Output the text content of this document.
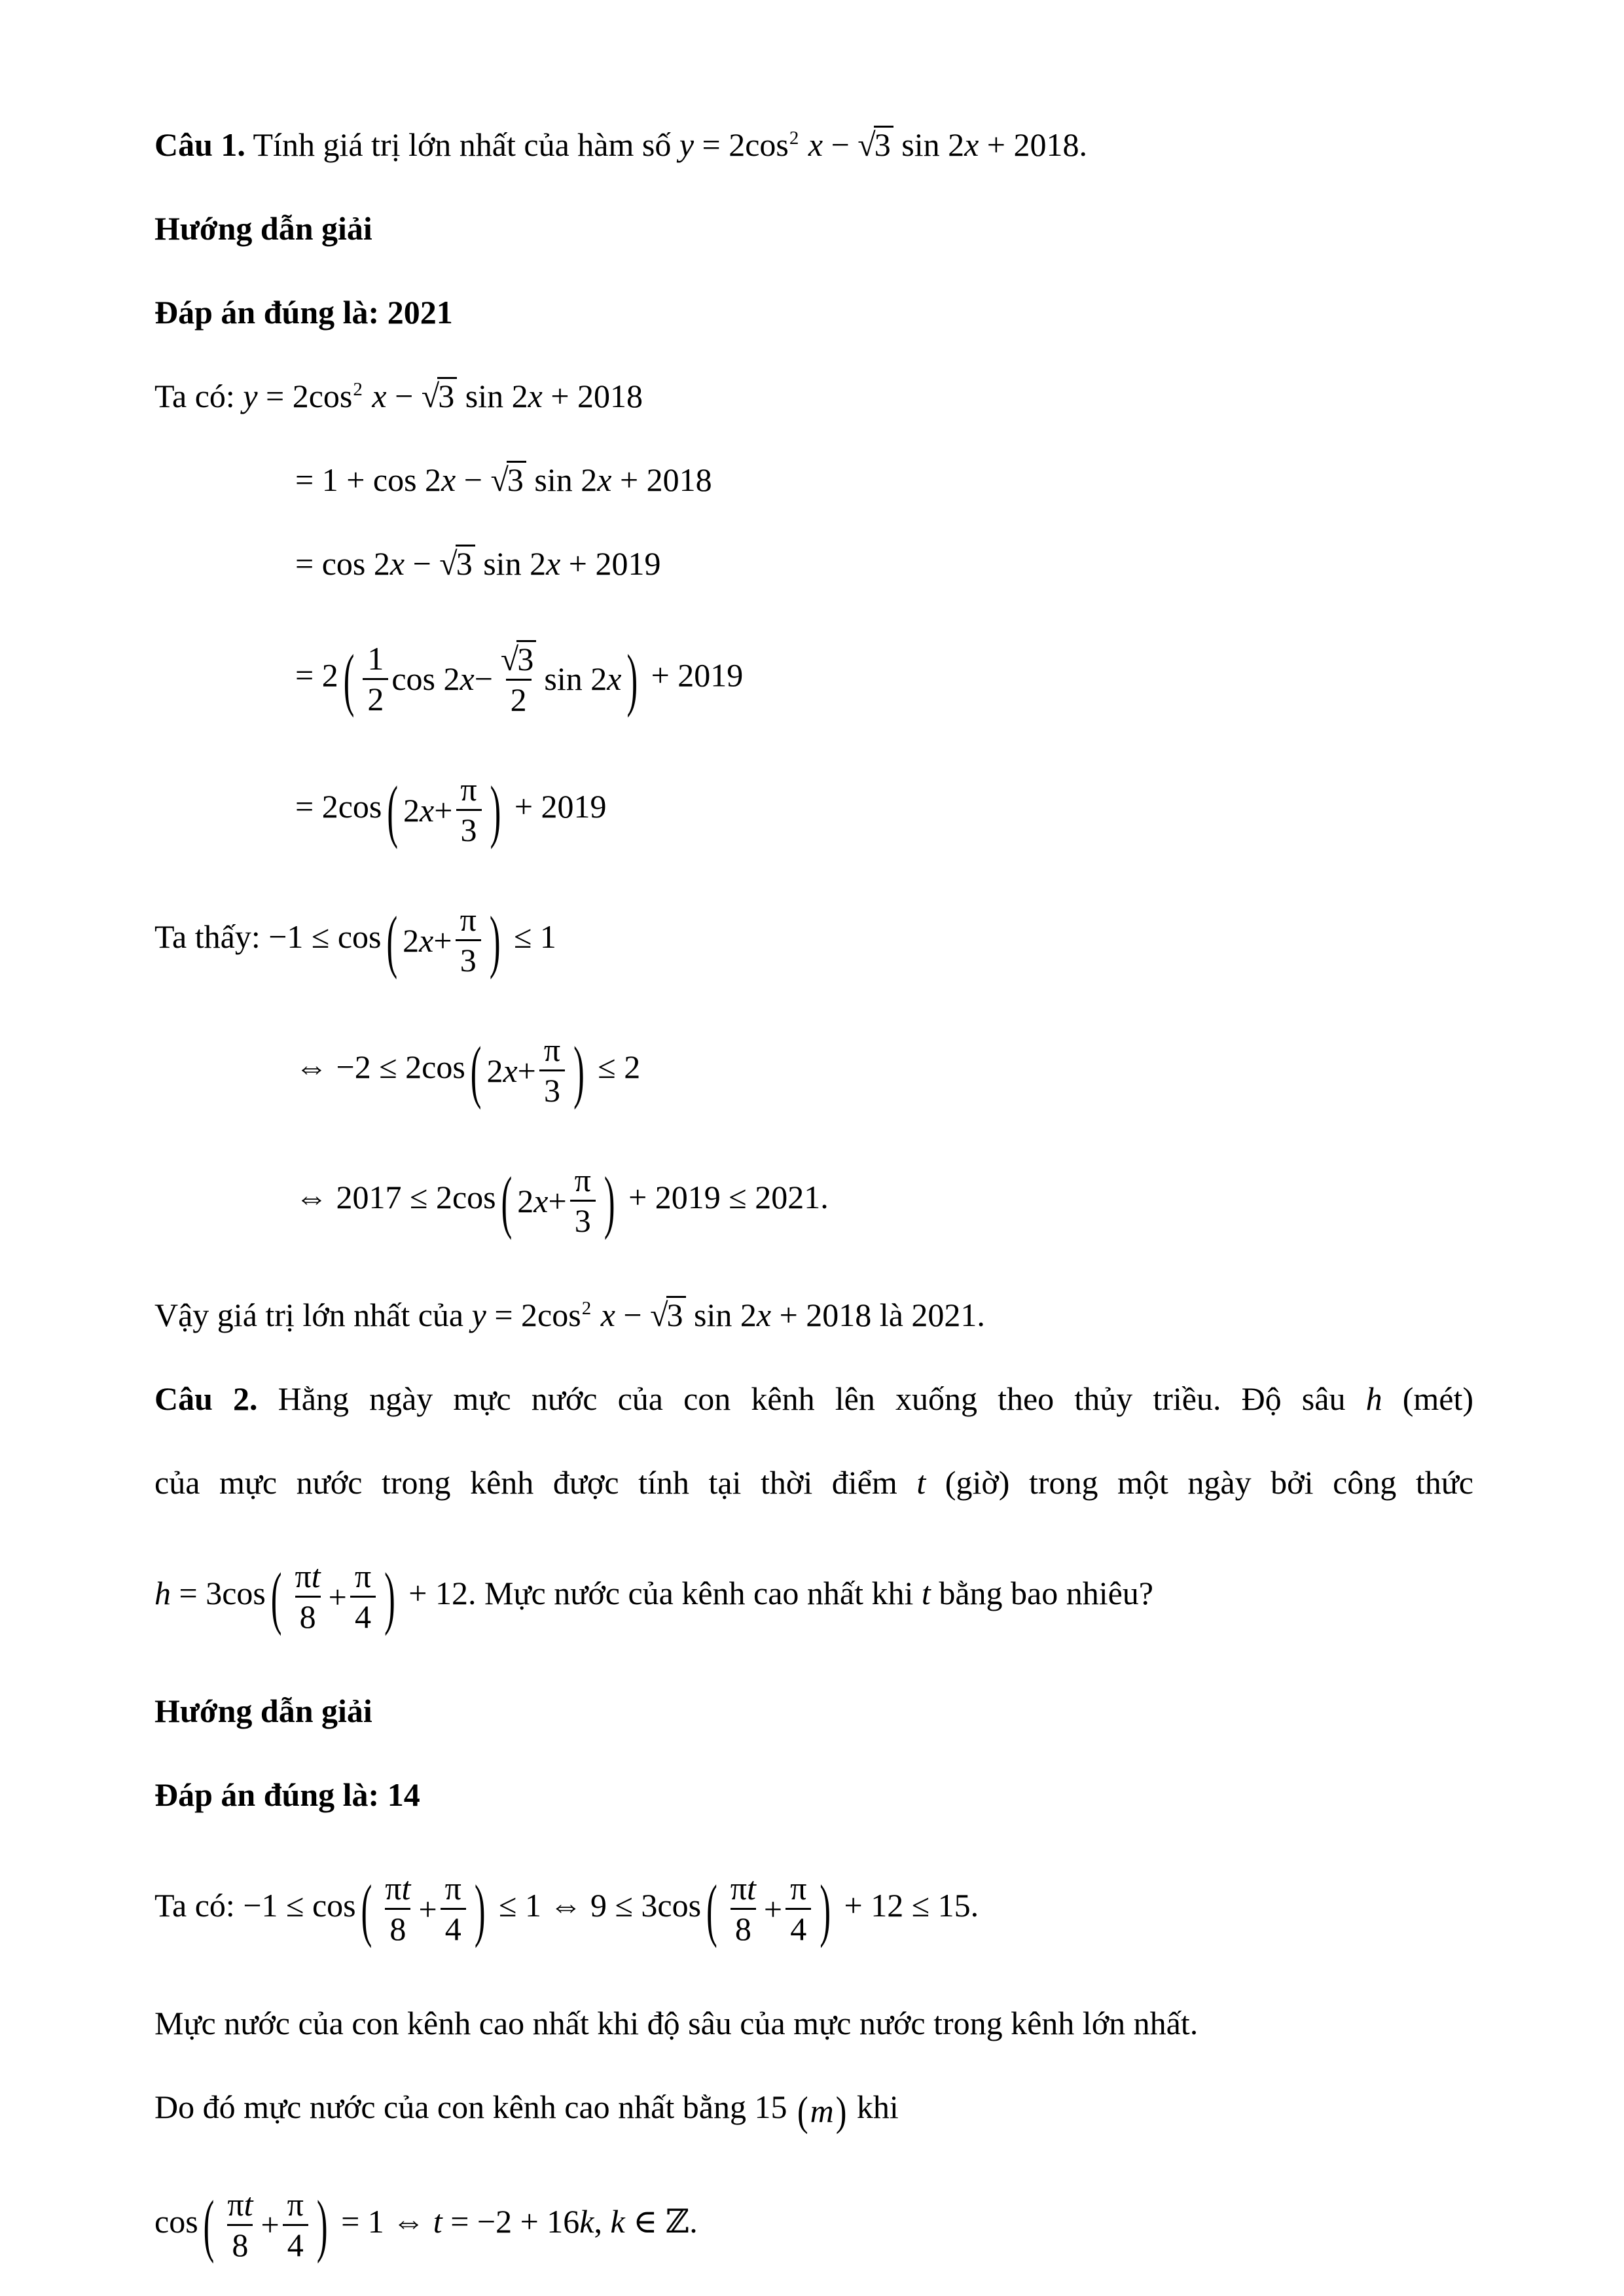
Câu 1. Tính giá trị lớn nhất của hàm số $y = 2\cos^2$ x − √3 sin 2x + 2018.
Hướng dẫn giải
Đáp án đúng là: 2021
Ta có: $y = 2\cos^2$ x − √3 sin 2x + 2018
= 1 + cos 2x − √3 sin 2x + 2018
= cos 2x − √3 sin 2x + 2019
= 2 ( $\frac{1}{2}$ cos 2 $x - \frac{√3}{2}$ sin 2 x ) + 2019
= 2cos ( 2 $x + \frac{\pi}{3}$ ) + 2019
Ta thấy: −1 ≤ cos ( 2 $x + \frac{\pi}{3}$ ) ≤ 1
⇔ −2 ≤ 2cos ( 2 $x + \frac{\pi}{3}$ ) ≤ 2
⇔ 2017 ≤ 2cos ( 2 $x + \frac{\pi}{3}$ ) + 2019 ≤ 2021.
Vậy giá trị lớn nhất của $y = 2\cos^2$ x − √3 sin 2x + 2018 là 2021.
Câu 2. Hằng ngày mực nước của con kênh lên xuống theo thủy triều. Độ sâu h (mét)
của mực nước trong kênh được tính tại thời điểm t (giờ) trong một ngày bởi công thức
h = 3cos ( $\frac{\pi t}{8} + \frac{\pi}{4}$ ) + 12. Mực nước của kênh cao nhất khi t bằng bao nhiêu?
Hướng dẫn giải
Đáp án đúng là: 14
Ta có: −1 ≤ cos ( $\frac{\pi t}{8} + \frac{\pi}{4}$ ) ≤ 1 ⇔ 9 ≤ 3cos ( $\frac{\pi t}{8} + \frac{\pi}{4}$ ) + 12 ≤ 15.
Mực nước của con kênh cao nhất khi độ sâu của mực nước trong kênh lớn nhất.
Do đó mực nước của con kênh cao nhất bằng 15 ( m ) khi
cos ( $\frac{\pi t}{8} + \frac{\pi}{4}$ ) = 1 ⇔ t = −2 + 16k, k ∈ ℤ.
